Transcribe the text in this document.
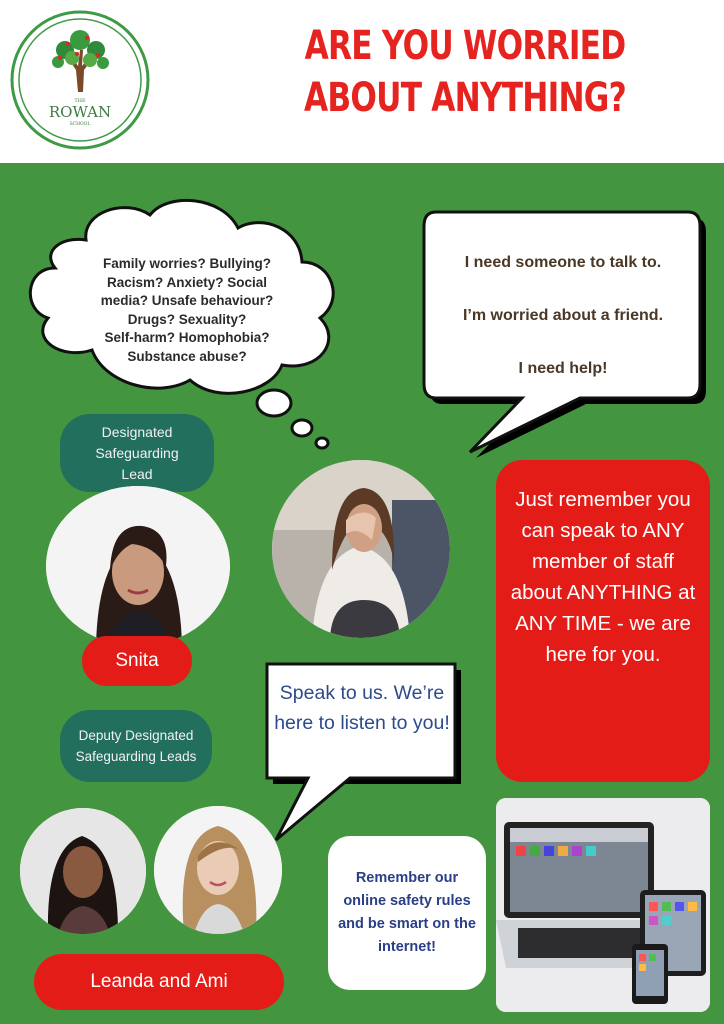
THE
ROWAN
SCHOOL
ARE YOU WORRIED
ABOUT ANYTHING?
Family worries? Bullying?
Racism? Anxiety? Social
media? Unsafe behaviour?
Drugs? Sexuality?
Self-harm? Homophobia?
Substance abuse?
I need someone to talk to.
I’m worried about a friend.
I need help!
Designated Safeguarding Lead
Snita
Just remember you can speak to ANY member of staff about ANYTHING at ANY TIME - we are here for you.
Speak to us. We’re here to listen to you!
Deputy Designated Safeguarding Leads
Leanda and Ami
Remember our online safety rules and be smart on the internet!
